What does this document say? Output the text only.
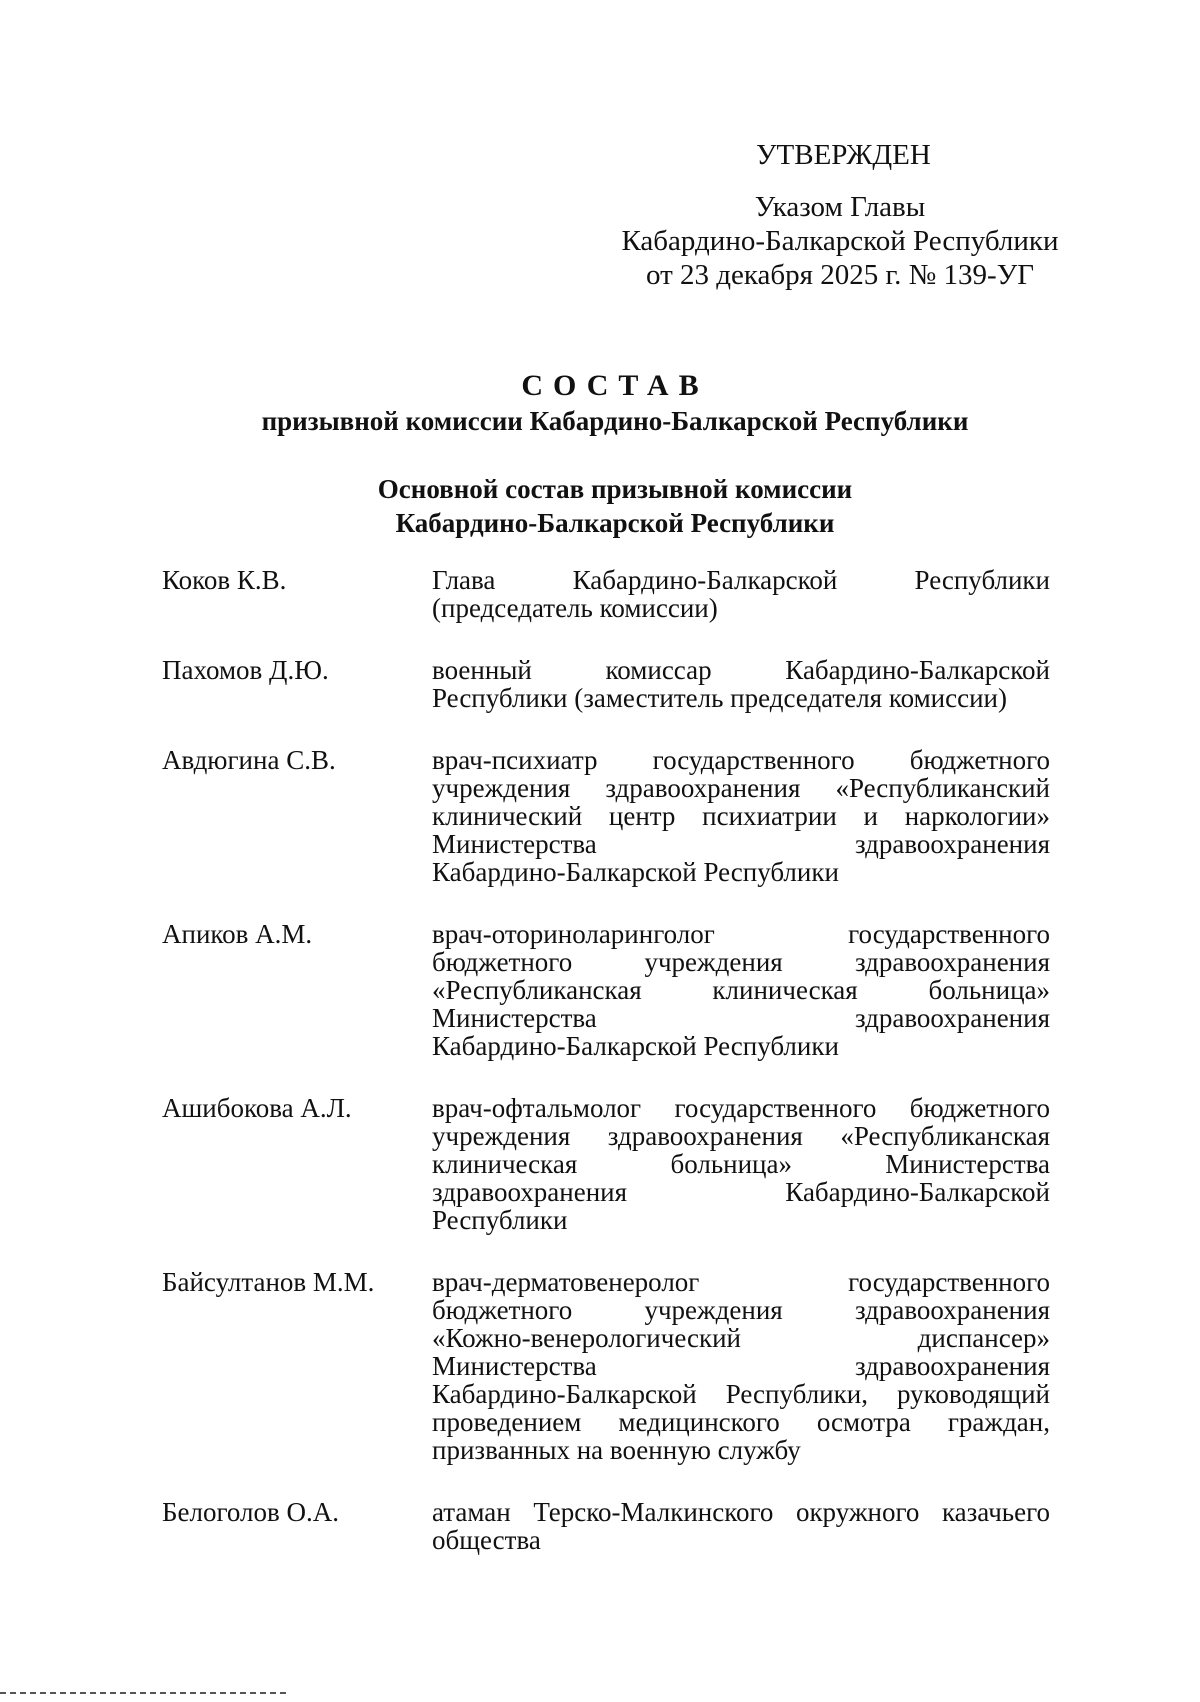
УТВЕРЖДЕН
Указом Главы
Кабардино-Балкарской Республики
от 23 декабря 2025 г. № 139-УГ
СОСТАВ
призывной комиссии Кабардино-Балкарской Республики
Основной состав призывной комиссии
Кабардино-Балкарской Республики
Коков К.В.	Глава Кабардино-Балкарской Республики
(председатель комиссии)
Пахомов Д.Ю.	военный комиссар Кабардино-Балкарской
Республики (заместитель председателя комиссии)
Авдюгина С.В.	врач-психиатр государственного бюджетного
учреждения здравоохранения «Республиканский
клинический центр психиатрии и наркологии»
Министерства здравоохранения
Кабардино-Балкарской Республики
Апиков А.М.	врач-оториноларинголог государственного
бюджетного учреждения здравоохранения
«Республиканская клиническая больница»
Министерства здравоохранения
Кабардино-Балкарской Республики
Ашибокова А.Л.	врач-офтальмолог государственного бюджетного
учреждения здравоохранения «Республиканская
клиническая больница» Министерства
здравоохранения Кабардино-Балкарской
Республики
Байсултанов М.М.	врач-дерматовенеролог государственного
бюджетного учреждения здравоохранения
«Кожно-венерологический диспансер»
Министерства здравоохранения
Кабардино-Балкарской Республики, руководящий
проведением медицинского осмотра граждан,
призванных на военную службу
Белоголов О.А.	атаман Терско-Малкинского окружного казачьего
общества
